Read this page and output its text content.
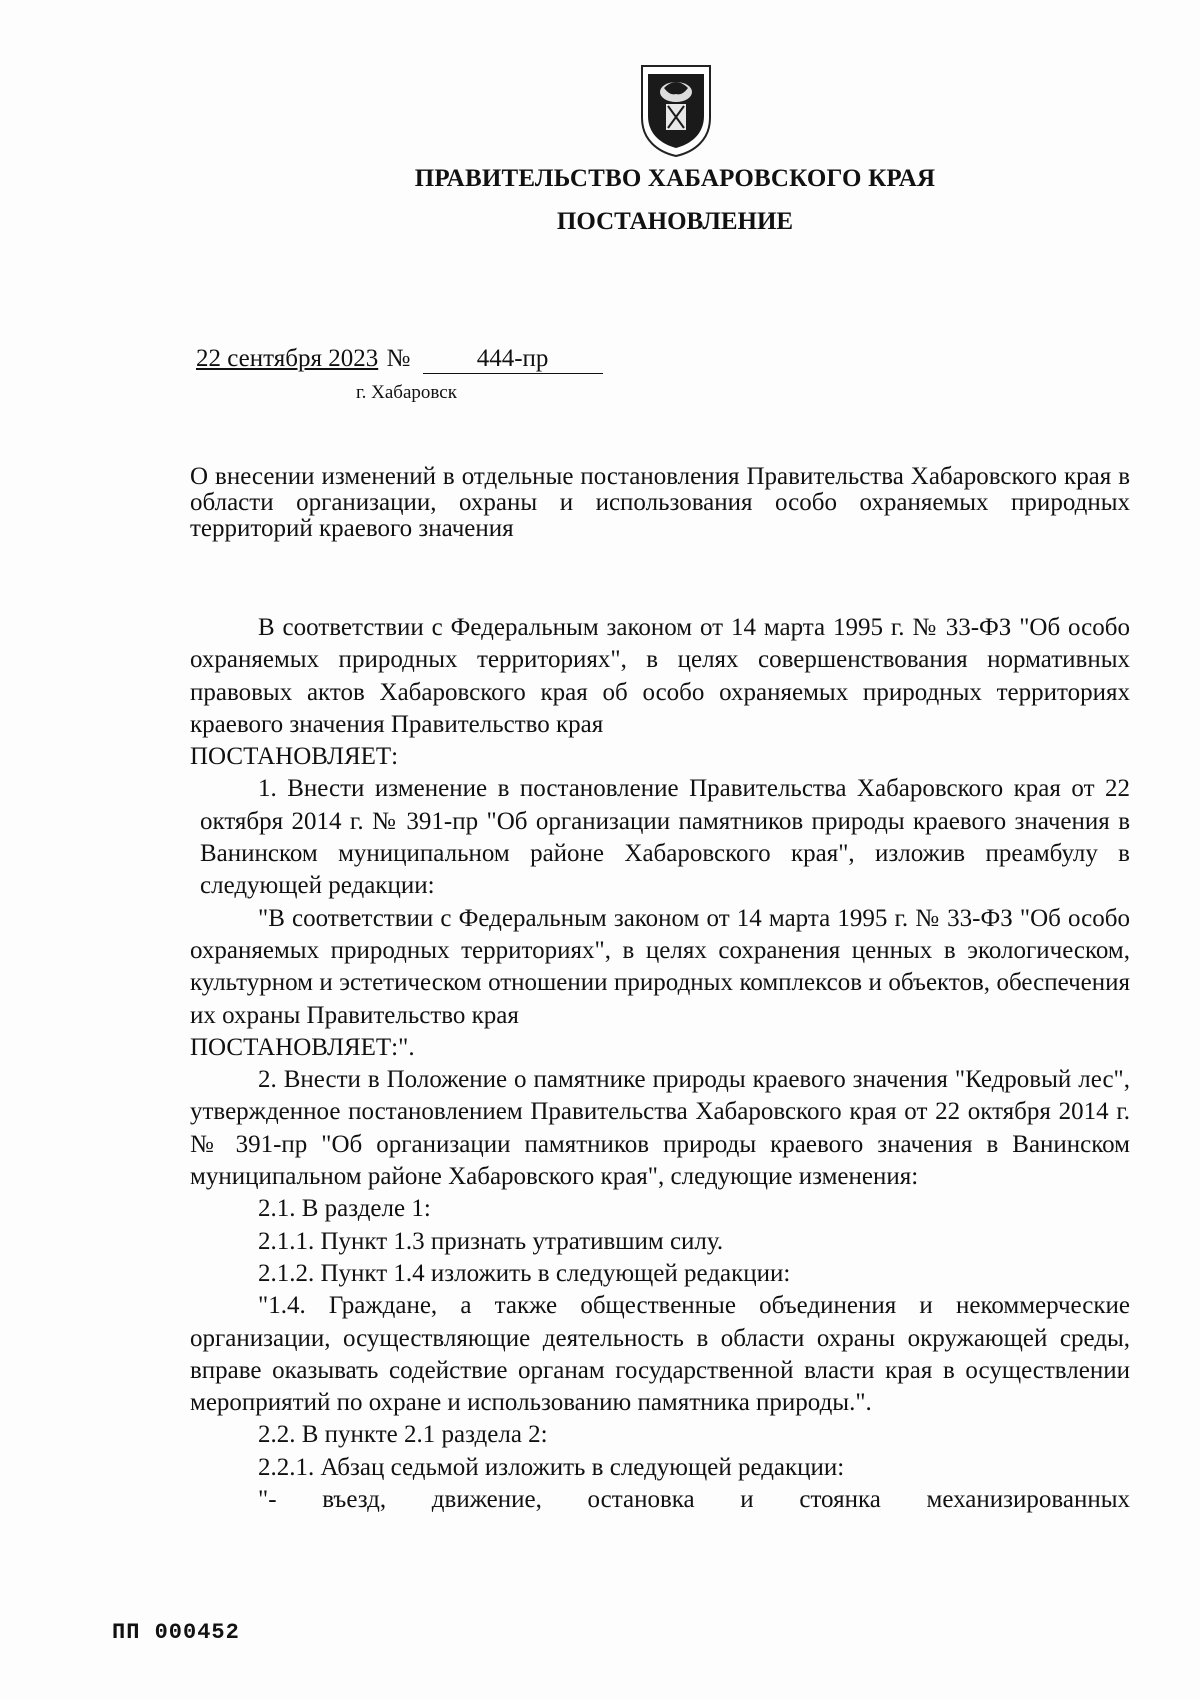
ПРАВИТЕЛЬСТВО ХАБАРОВСКОГО КРАЯ
ПОСТАНОВЛЕНИЕ
22 сентября 2023 №	444-пр
г. Хабаровск
О внесении изменений в отдельные постановления Правительства Хабаровского края в области организации, охраны и использования особо охраняемых природных территорий краевого значения

В соответствии с Федеральным законом от 14 марта 1995 г. № 33-ФЗ "Об особо охраняемых природных территориях", в целях совершенствования нормативных правовых актов Хабаровского края об особо охраняемых природных территориях краевого значения Правительство края

ПОСТАНОВЛЯЕТ:

1. Внести изменение в постановление Правительства Хабаровского края от 22 октября 2014 г. № 391-пр "Об организации памятников природы краевого значения в Ванинском муниципальном районе Хабаровского края", изложив преамбулу в следующей редакции:

"В соответствии с Федеральным законом от 14 марта 1995 г. № 33-ФЗ "Об особо охраняемых природных территориях", в целях сохранения ценных в экологическом, культурном и эстетическом отношении природных комплексов и объектов, обеспечения их охраны Правительство края

ПОСТАНОВЛЯЕТ:".

2. Внести в Положение о памятнике природы краевого значения "Кедровый лес", утвержденное постановлением Правительства Хабаровского края от 22 октября 2014 г. № 391-пр "Об организации памятников природы краевого значения в Ванинском муниципальном районе Хабаровского края", следующие изменения:

2.1. В разделе 1:

2.1.1. Пункт 1.3 признать утратившим силу.

2.1.2. Пункт 1.4 изложить в следующей редакции:

"1.4. Граждане, а также общественные объединения и некоммерческие организации, осуществляющие деятельность в области охраны окружающей среды, вправе оказывать содействие органам государственной власти края в осуществлении мероприятий по охране и использованию памятника природы.".

2.2. В пункте 2.1 раздела 2:

2.2.1. Абзац седьмой изложить в следующей редакции:

"- въезд, движение, остановка и стоянка механизированных

ПП 000452
